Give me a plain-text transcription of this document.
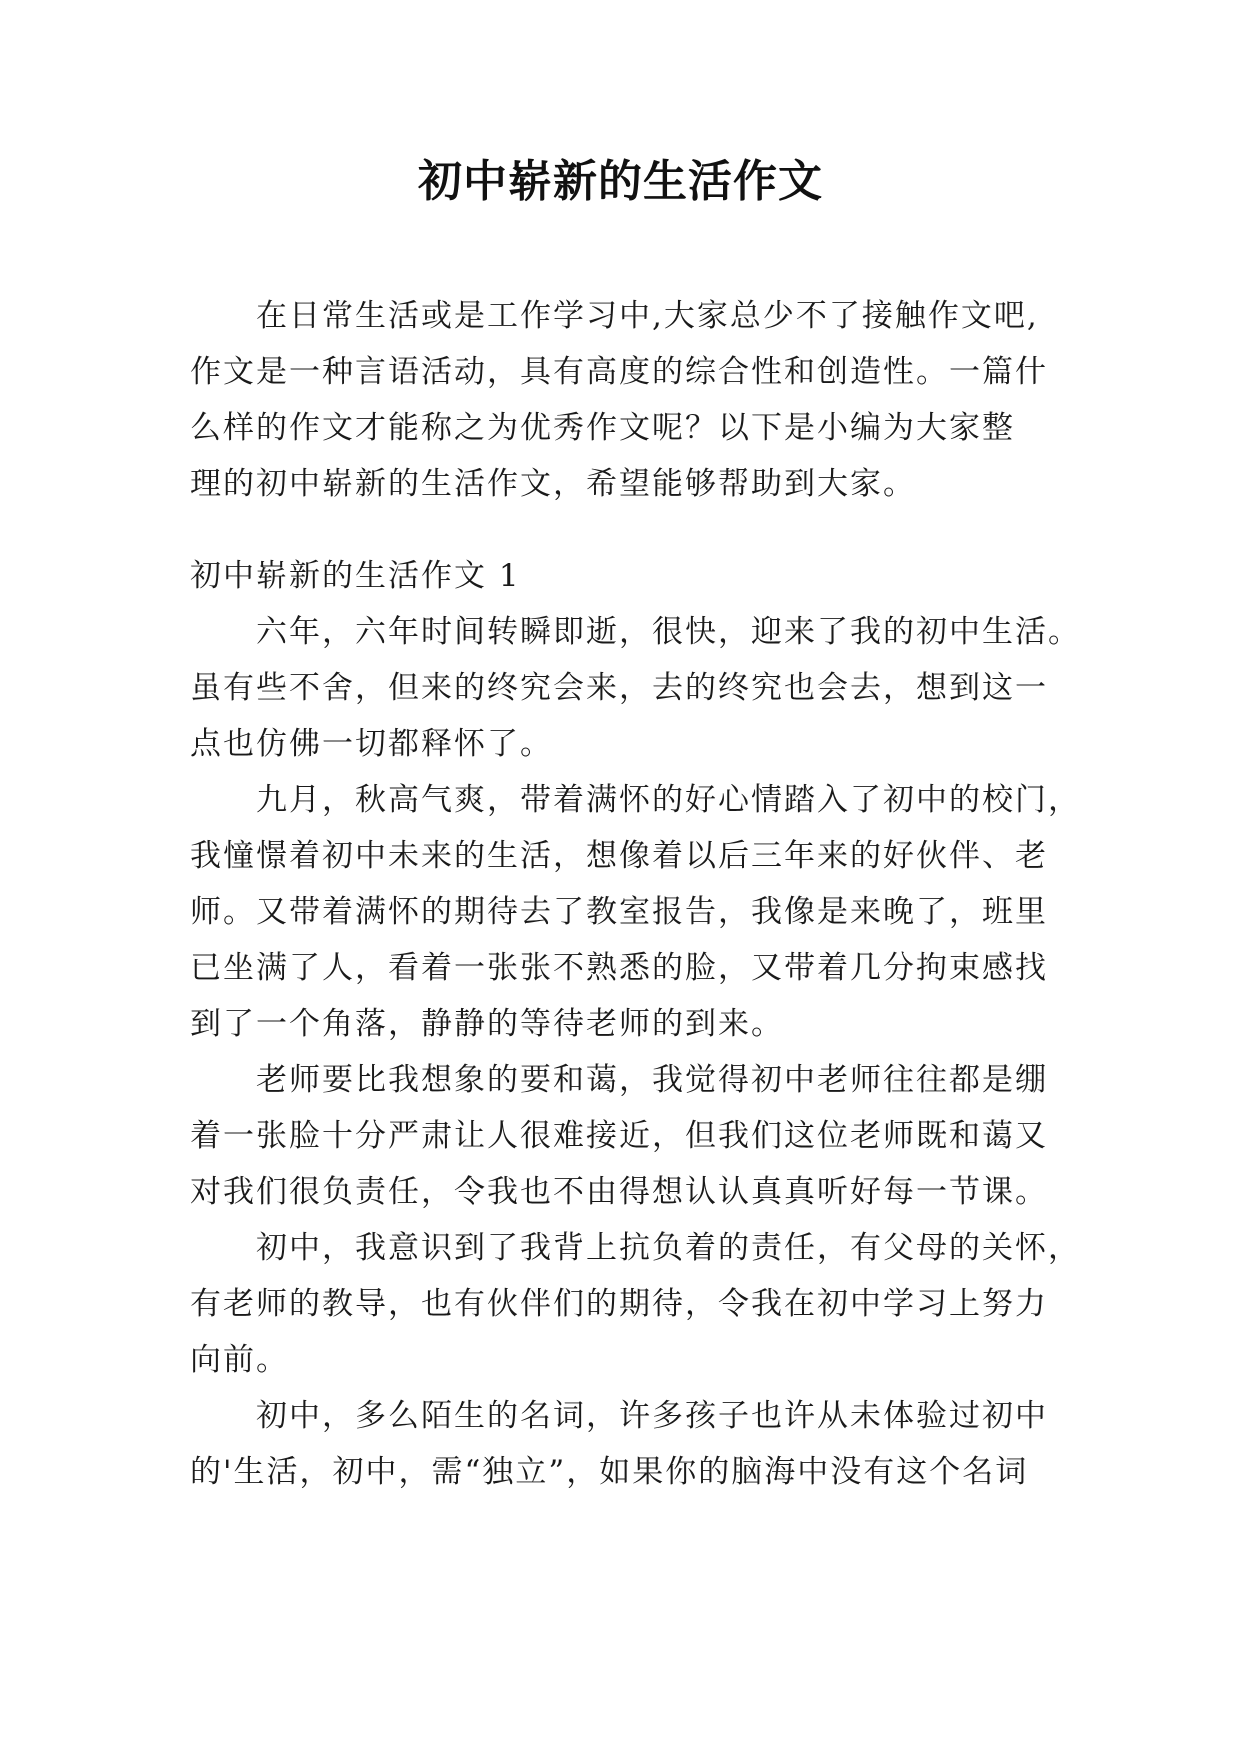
初中崭新的生活作文
在日常生活或是工作学习中,大家总少不了接触作文吧,
作文是一种言语活动，具有高度的综合性和创造性。一篇什
么样的作文才能称之为优秀作文呢？以下是小编为大家整
理的初中崭新的生活作文，希望能够帮助到大家。
初中崭新的生活作文 1
六年，六年时间转瞬即逝，很快，迎来了我的初中生活。
虽有些不舍，但来的终究会来，去的终究也会去，想到这一
点也仿佛一切都释怀了。
九月，秋高气爽，带着满怀的好心情踏入了初中的校门，
我憧憬着初中未来的生活，想像着以后三年来的好伙伴、老
师。又带着满怀的期待去了教室报告，我像是来晚了，班里
已坐满了人，看着一张张不熟悉的脸，又带着几分拘束感找
到了一个角落，静静的等待老师的到来。
老师要比我想象的要和蔼，我觉得初中老师往往都是绷
着一张脸十分严肃让人很难接近，但我们这位老师既和蔼又
对我们很负责任，令我也不由得想认认真真听好每一节课。
初中，我意识到了我背上抗负着的责任，有父母的关怀，
有老师的教导，也有伙伴们的期待，令我在初中学习上努力
向前。
初中，多么陌生的名词，许多孩子也许从未体验过初中
的'生活，初中，需“独立”，如果你的脑海中没有这个名词
